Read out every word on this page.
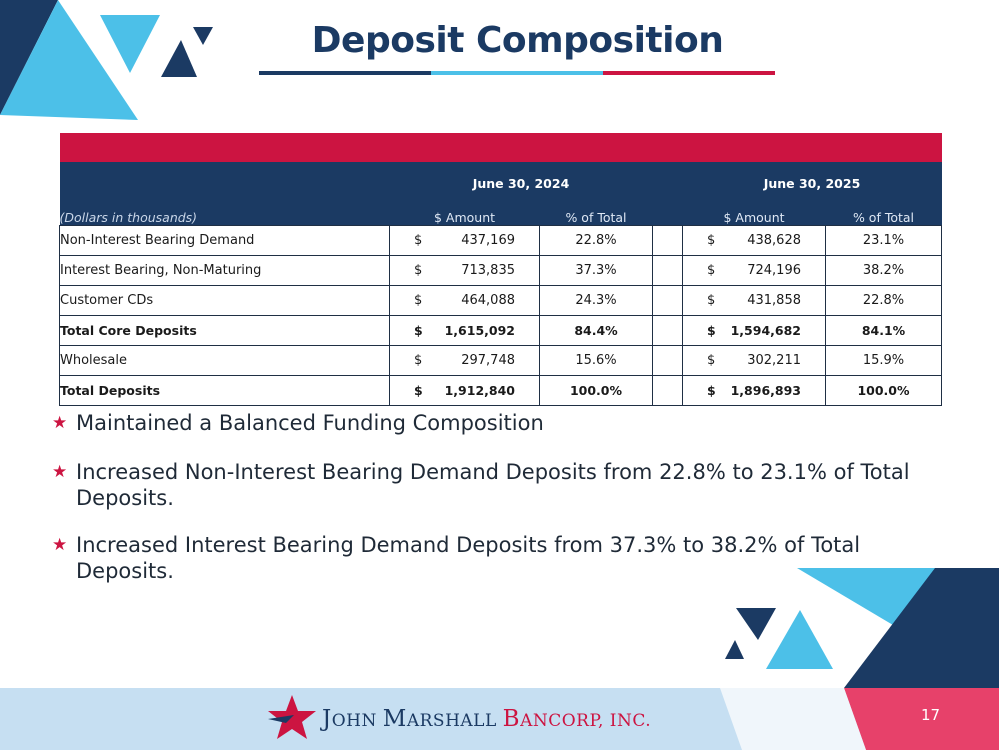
Deposit Composition

	June 30, 2024			June 30, 2025	
(Dollars in thousands)	$ Amount	% of Total		$ Amount	% of Total
Non-Interest Bearing Demand	$ 437,169	22.8%		$ 438,628	23.1%
Interest Bearing, Non-Maturing	$ 713,835	37.3%		$ 724,196	38.2%
Customer CDs	$ 464,088	24.3%		$ 431,858	22.8%
Total Core Deposits	$ 1,615,092	84.4%		$ 1,594,682	84.1%
Wholesale	$ 297,748	15.6%		$ 302,211	15.9%
Total Deposits	$ 1,912,840	100.0%		$ 1,896,893	100.0%
★ Maintained a Balanced Funding Composition
★ Increased Non-Interest Bearing Demand Deposits from 22.8% to 23.1% of Total Deposits.
★ Increased Interest Bearing Demand Deposits from 37.3% to 38.2% of Total Deposits.
JOHN MARSHALL BANCORP, INC.	17
